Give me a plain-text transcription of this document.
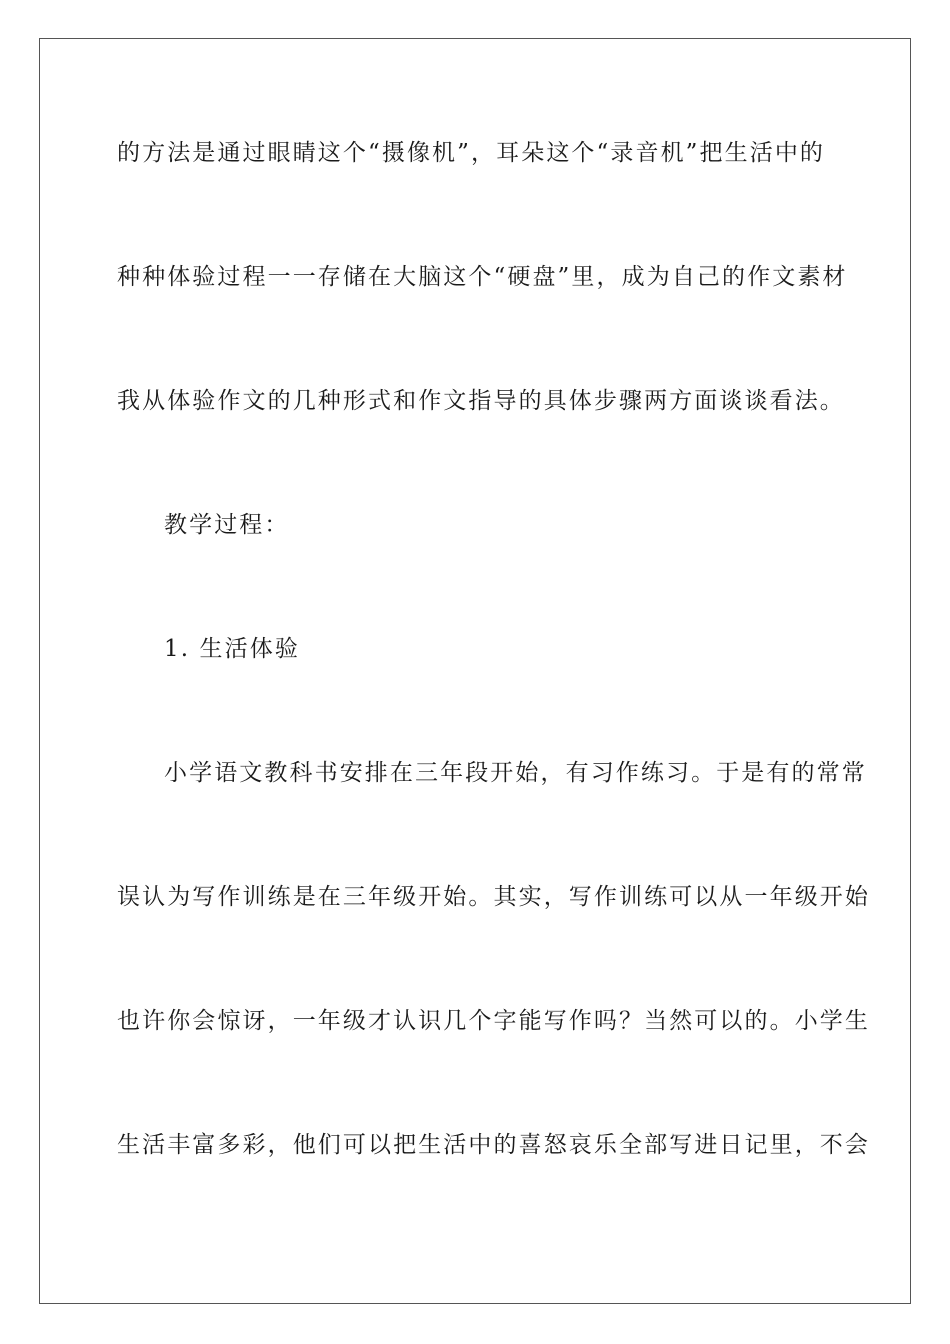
的方法是通过眼睛这个“摄像机”，耳朵这个“录音机”把生活中的
种种体验过程一一存储在大脑这个“硬盘”里，成为自己的作文素材
我从体验作文的几种形式和作文指导的具体步骤两方面谈谈看法。
教学过程：
1. 生活体验
小学语文教科书安排在三年段开始，有习作练习。于是有的常常
误认为写作训练是在三年级开始。其实，写作训练可以从一年级开始
也许你会惊讶，一年级才认识几个字能写作吗？当然可以的。小学生
生活丰富多彩，他们可以把生活中的喜怒哀乐全部写进日记里，不会
